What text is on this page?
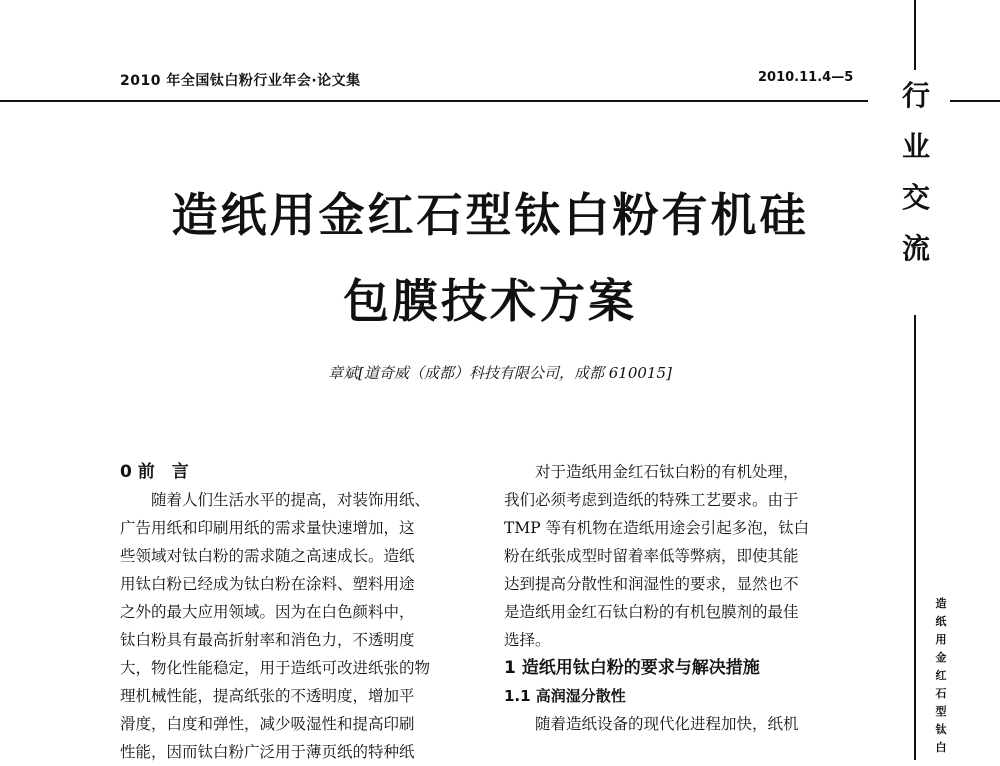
2010 年全国钛白粉行业年会·论文集	2010.11.4—5
行
业
交
流
造
纸
用
金
红
石
型
钛
白
造纸用金红石型钛白粉有机硅
包膜技术方案
章斌[道奇威（成都）科技有限公司，成都 610015]

0 前　言

随着人们生活水平的提高，对装饰用纸、

广告用纸和印刷用纸的需求量快速增加，这

些领域对钛白粉的需求随之高速成长。造纸

用钛白粉已经成为钛白粉在涂料、塑料用途

之外的最大应用领域。因为在白色颜料中，

钛白粉具有最高折射率和消色力，不透明度

大，物化性能稳定，用于造纸可改进纸张的物

理机械性能，提高纸张的不透明度，增加平

滑度，白度和弹性，减少吸湿性和提高印刷

性能，因而钛白粉广泛用于薄页纸的特种纸

对于造纸用金红石钛白粉的有机处理，

我们必须考虑到造纸的特殊工艺要求。由于

TMP 等有机物在造纸用途会引起多泡，钛白

粉在纸张成型时留着率低等弊病，即使其能

达到提高分散性和润湿性的要求，显然也不

是造纸用金红石钛白粉的有机包膜剂的最佳

选择。

1 造纸用钛白粉的要求与解决措施

1.1 高润湿分散性

随着造纸设备的现代化进程加快，纸机
